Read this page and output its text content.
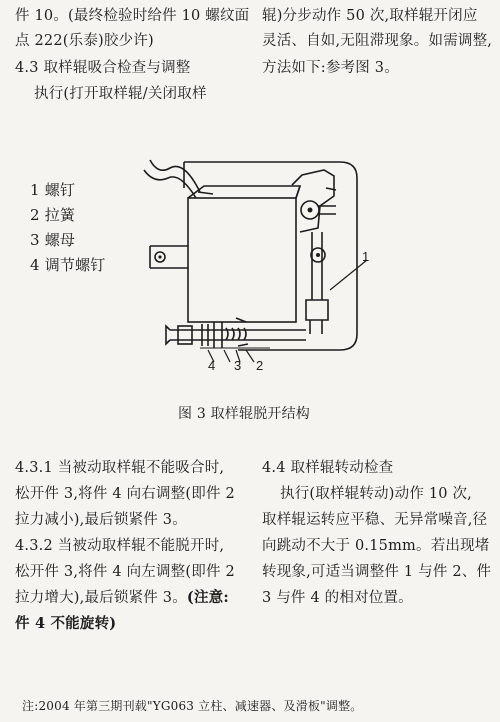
件 10。(最终检验时给件 10 螺纹面
点 222(乐泰)胶少许)
4.3 取样辊吸合检查与调整
执行(打开取样辊/关闭取样
辊)分步动作 50 次,取样辊开闭应
灵活、自如,无阻滞现象。如需调整,
方法如下:参考图 3。
1 螺钉
2 拉簧
3 螺母
4 调节螺钉	1
4 3 2
图 3 取样辊脱开结构
4.3.1 当被动取样辊不能吸合时,
松开件 3,将件 4 向右调整(即件 2
拉力减小),最后锁紧件 3。
4.3.2 当被动取样辊不能脱开时,
松开件 3,将件 4 向左调整(即件 2
拉力增大),最后锁紧件 3。(注意:
件 4 不能旋转)
4.4 取样辊转动检查
执行(取样辊转动)动作 10 次,
取样辊运转应平稳、无异常噪音,径
向跳动不大于 0.15mm。若出现堵
转现象,可适当调整件 1 与件 2、件
3 与件 4 的相对位置。
注:2004 年第三期刊载"YG063 立柱、减速器、及滑板"调整。
